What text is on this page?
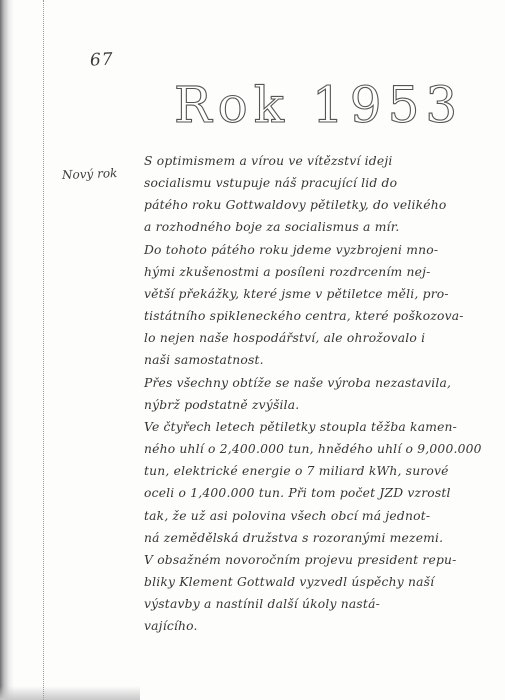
67
Rok 1953
Nový rok
S optimismem a vírou ve vítězství ideji
socialismu vstupuje náš pracující lid do
pátého roku Gottwaldovy pětiletky, do velikého
a rozhodného boje za socialismus a mír.
Do tohoto pátého roku jdeme vyzbrojeni mno-
hými zkušenostmi a posíleni rozdrcením nej-
větší překážky, které jsme v pětiletce měli, pro-
tistátního spikleneckého centra, které poškozova-
lo nejen naše hospodářství, ale ohrožovalo i
naši samostatnost.
Přes všechny obtíže se naše výroba nezastavila,
nýbrž podstatně zvýšila.
Ve čtyřech letech pětiletky stoupla těžba kamen-
ného uhlí o 2,400.000 tun, hnědého uhlí o 9,000.000
tun, elektrické energie o 7 miliard kWh, surové
oceli o 1,400.000 tun. Při tom počet JZD vzrostl
tak, že už asi polovina všech obcí má jednot-
ná zemědělská družstva s rozoranými mezemi.
V obsažném novoročním projevu president repu-
bliky Klement Gottwald vyzvedl úspěchy naší
výstavby a nastínil další úkoly nastá-
vajícího.
